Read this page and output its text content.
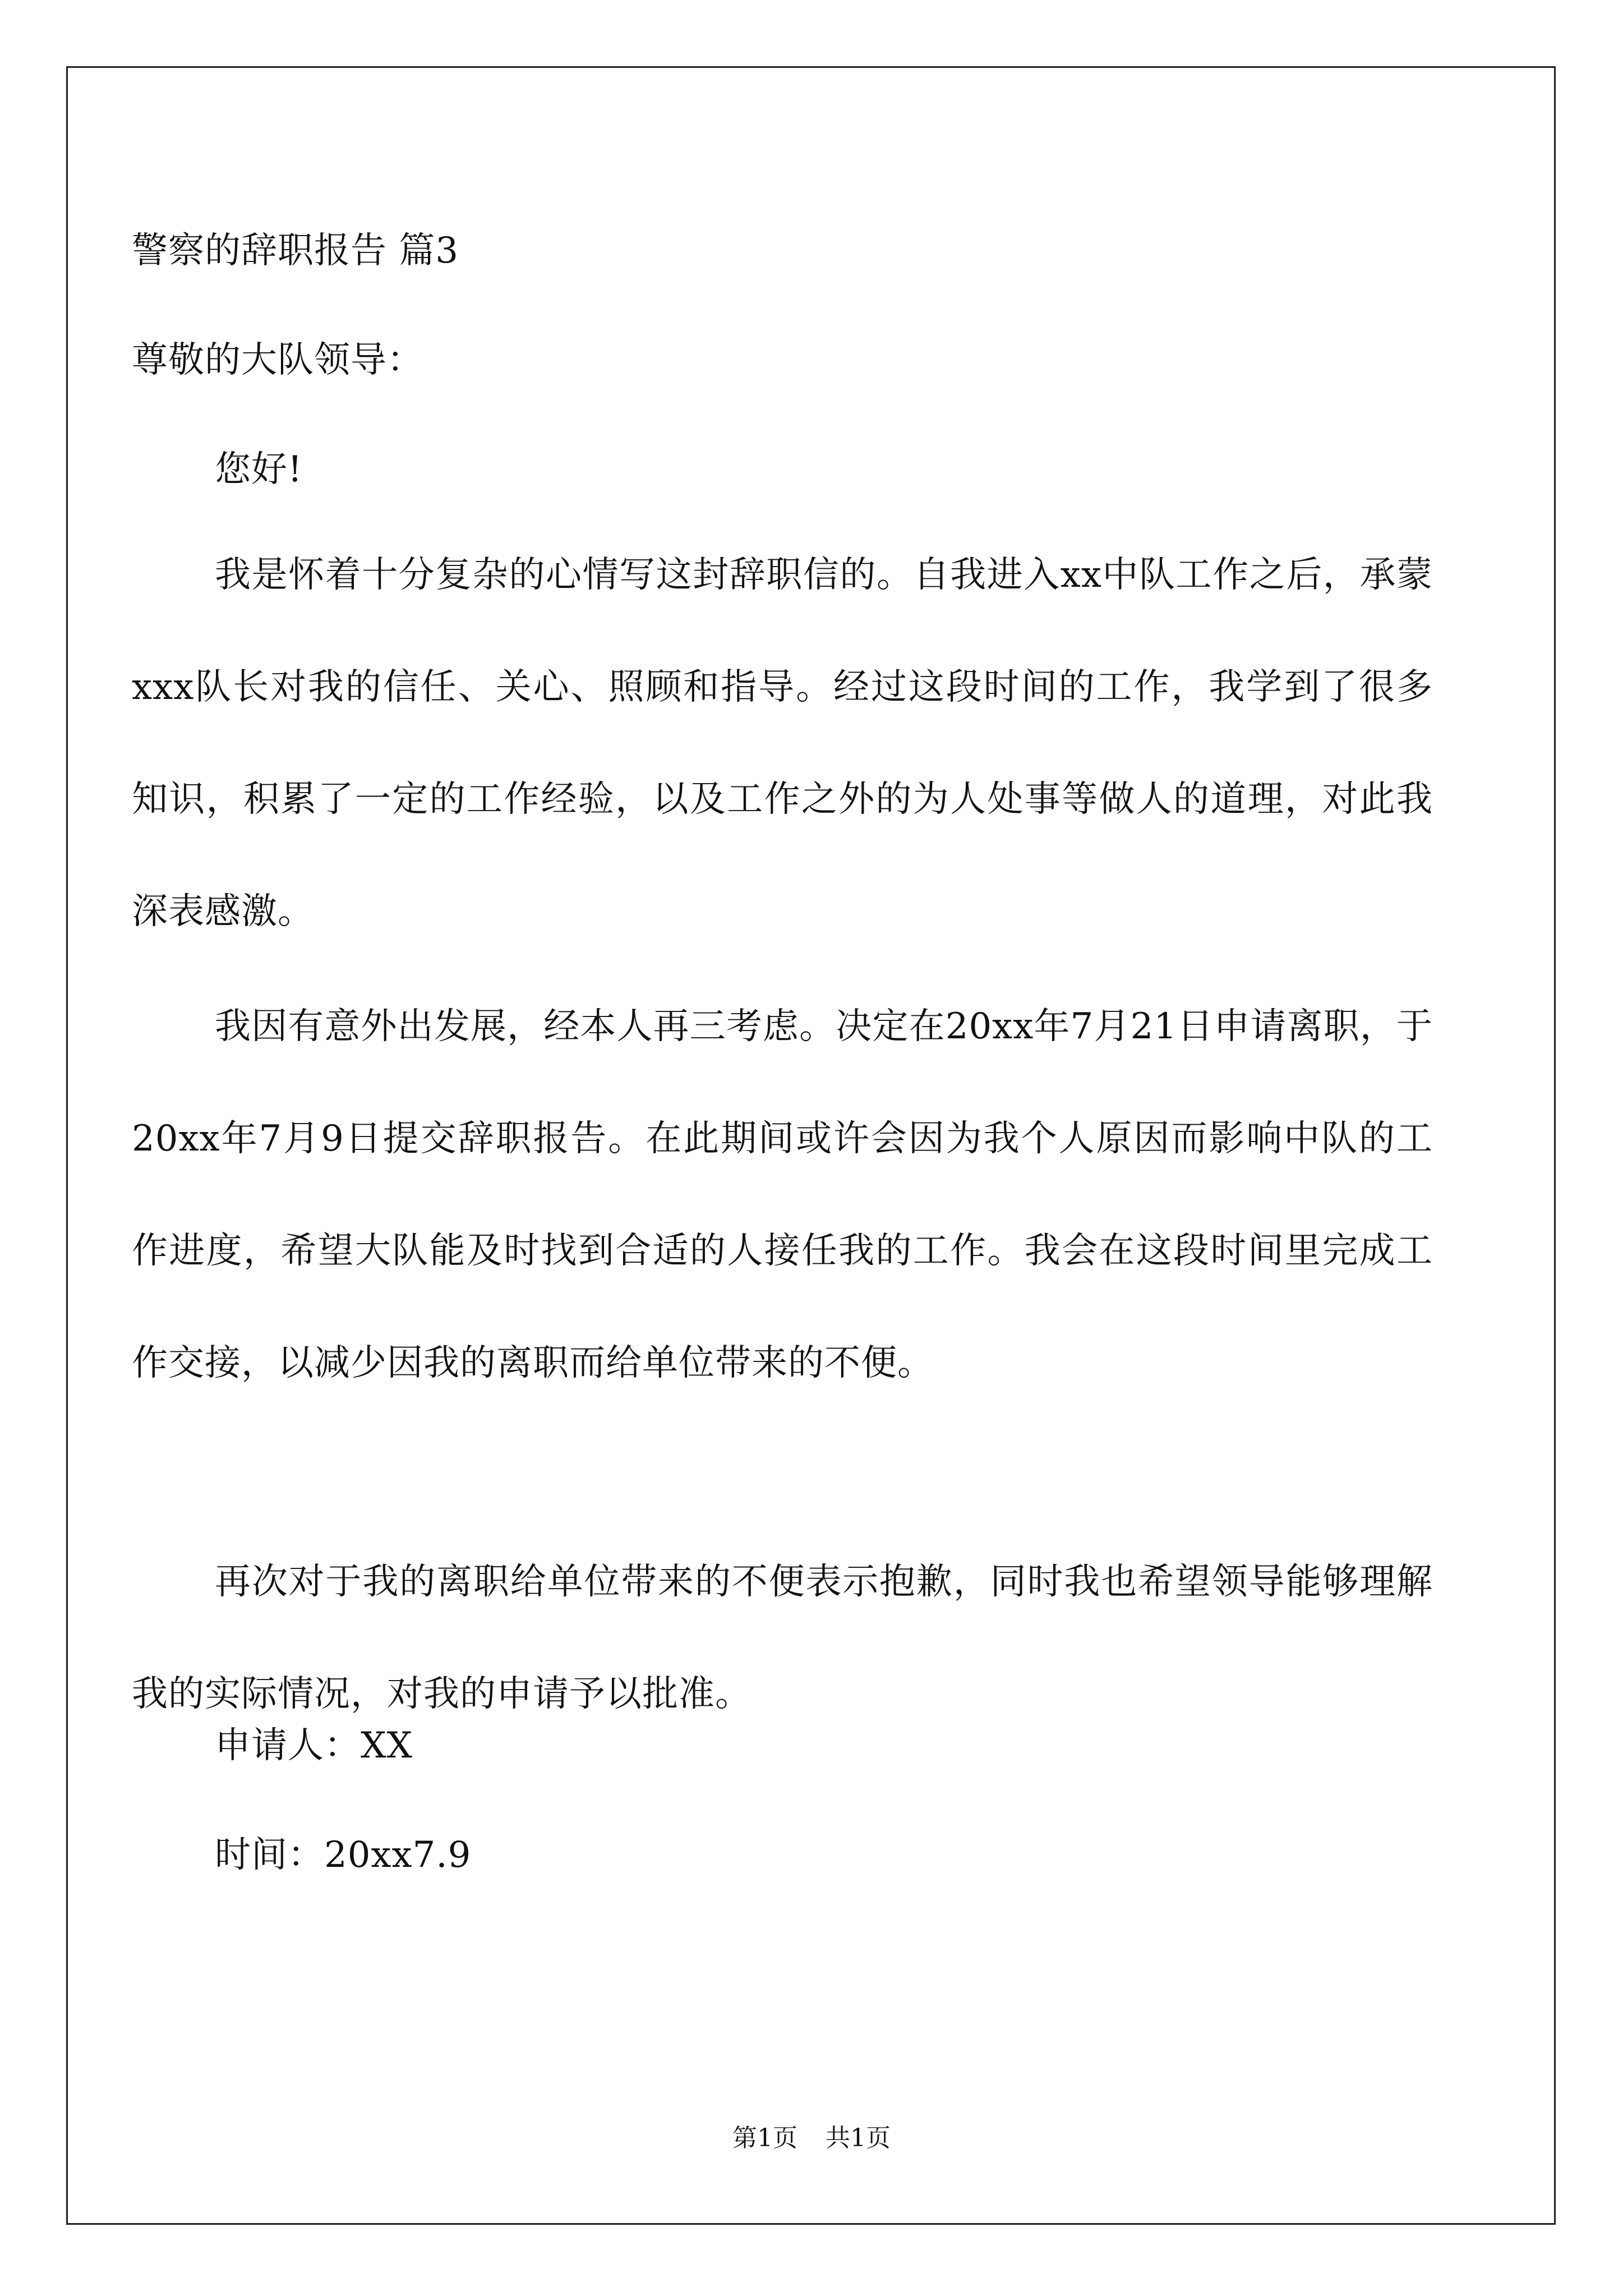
警察的辞职报告 篇3
尊敬的大队领导：
您好!
我是怀着十分复杂的心情写这封辞职信的。自我进入xx中队工作之后，承蒙xxx队长对我的信任、关心、照顾和指导。经过这段时间的工作，我学到了很多知识，积累了一定的工作经验，以及工作之外的为人处事等做人的道理，对此我深表感激。
我因有意外出发展，经本人再三考虑。决定在20xx年7月21日申请离职，于20xx年7月9日提交辞职报告。在此期间或许会因为我个人原因而影响中队的工作进度，希望大队能及时找到合适的人接任我的工作。我会在这段时间里完成工作交接，以减少因我的离职而给单位带来的不便。
再次对于我的离职给单位带来的不便表示抱歉，同时我也希望领导能够理解我的实际情况，对我的申请予以批准。
申请人：XX
时间：20xx7.9
第1页 共1页
